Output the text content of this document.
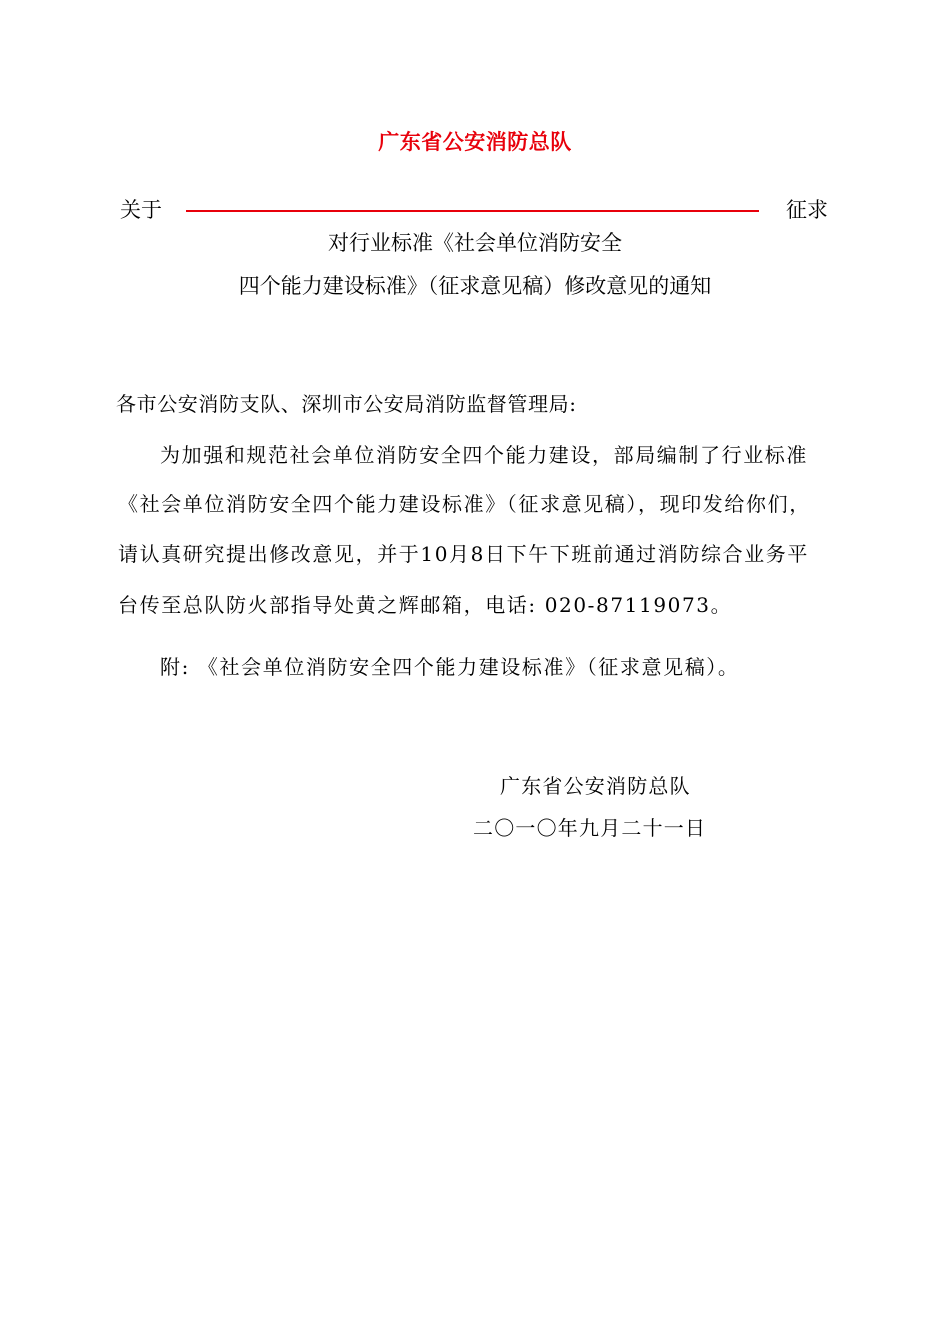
广东省公安消防总队
关于	征求
对行业标准《社会单位消防安全
四个能力建设标准》（征求意见稿）修改意见的通知
各市公安消防支队、深圳市公安局消防监督管理局:
为加强和规范社会单位消防安全四个能力建设，部局编制了行业标准
《社会单位消防安全四个能力建设标准》（征求意见稿），现印发给你们，
请认真研究提出修改意见，并于10月8日下午下班前通过消防综合业务平
台传至总队防火部指导处黄之辉邮箱，电话: 020-87119073。
附: 《社会单位消防安全四个能力建设标准》（征求意见稿）。
广东省公安消防总队
二〇一〇年九月二十一日
